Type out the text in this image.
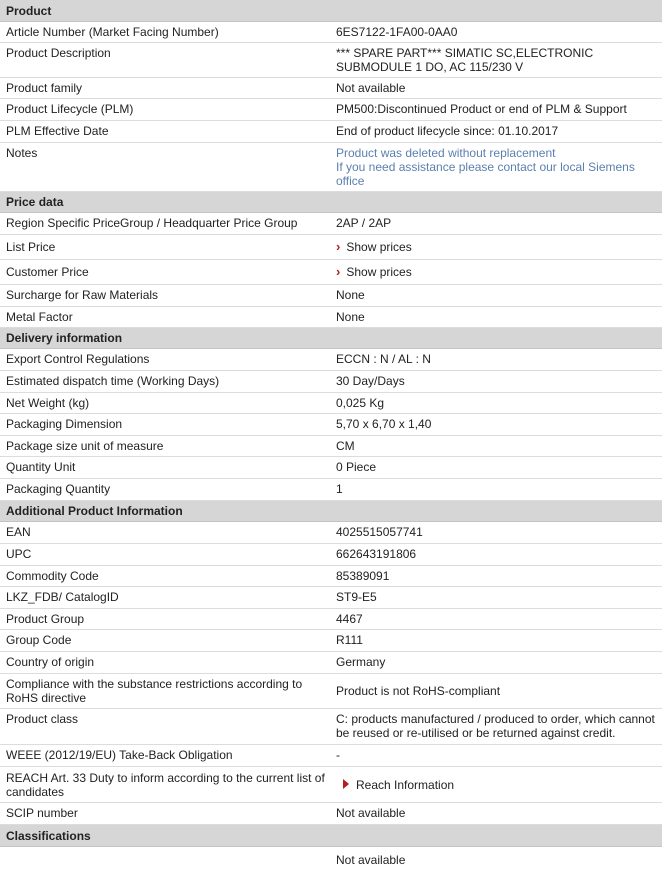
Product
Article Number (Market Facing Number)	6ES7122-1FA00-0AA0
Product Description	*** SPARE PART*** SIMATIC SC,ELECTRONIC SUBMODULE 1 DO, AC 115/230 V
Product family	Not available
Product Lifecycle (PLM)	PM500:Discontinued Product or end of PLM & Support
PLM Effective Date	End of product lifecycle since: 01.10.2017
Notes	Product was deleted without replacement
If you need assistance please contact our local Siemens office
Price data
Region Specific PriceGroup / Headquarter Price Group	2AP / 2AP
List Price	› Show prices
Customer Price	› Show prices
Surcharge for Raw Materials	None
Metal Factor	None
Delivery information
Export Control Regulations	ECCN : N / AL : N
Estimated dispatch time (Working Days)	30 Day/Days
Net Weight (kg)	0,025 Kg
Packaging Dimension	5,70 x 6,70 x 1,40
Package size unit of measure	CM
Quantity Unit	0 Piece
Packaging Quantity	1
Additional Product Information
EAN	4025515057741
UPC	662643191806
Commodity Code	85389091
LKZ_FDB/ CatalogID	ST9-E5
Product Group	4467
Group Code	R111
Country of origin	Germany
Compliance with the substance restrictions according to RoHS directive	Product is not RoHS-compliant
Product class	C: products manufactured / produced to order, which cannot be reused or re-utilised or be returned against credit.
WEEE (2012/19/EU) Take-Back Obligation	-
REACH Art. 33 Duty to inform according to the current list of candidates	Reach Information
SCIP number	Not available
Classifications
Not available
